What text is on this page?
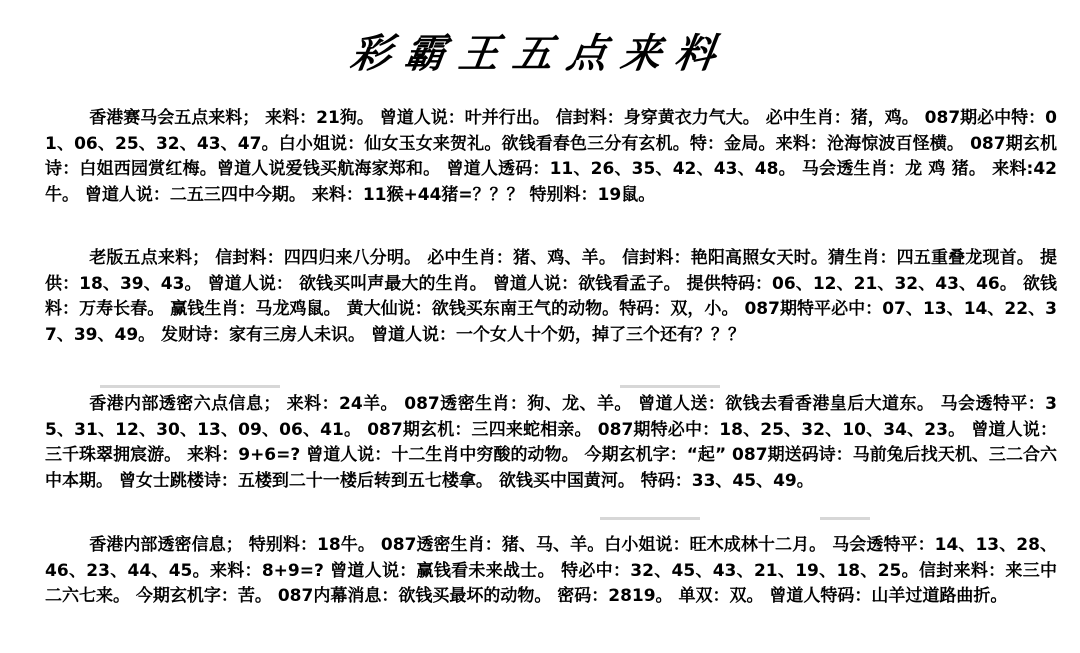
彩霸王五点来料

香港赛马会五点来料； 来料：21狗。 曾道人说：叶并行出。 信封料：身穿黄衣力气大。 必中生肖：猪，鸡。 087期必中特：01、06、25、32、43、47。白小姐说：仙女玉女来贺礼。欲钱看春色三分有玄机。特：金局。来料：沧海惊波百怪横。 087期玄机诗：白姐西园赏红梅。曾道人说爱钱买航海家郑和。 曾道人透码：11、26、35、42、43、48。 马会透生肖：龙 鸡 猪。 来料:42牛。 曾道人说：二五三四中今期。 来料：11猴+44猪=？？？ 特别料：19鼠。

老版五点来料； 信封料：四四归来八分明。 必中生肖：猪、鸡、羊。 信封料：艳阳高照女天时。猜生肖：四五重叠龙现首。 提供：18、39、43。 曾道人说： 欲钱买叫声最大的生肖。 曾道人说：欲钱看孟子。 提供特码：06、12、21、32、43、46。 欲钱料：万寿长春。 赢钱生肖：马龙鸡鼠。 黄大仙说：欲钱买东南王气的动物。特码：双，小。 087期特平必中：07、13、14、22、37、39、49。 发财诗：家有三房人未识。 曾道人说：一个女人十个奶，掉了三个还有？？？

香港内部透密六点信息； 来料：24羊。 087透密生肖：狗、龙、羊。 曾道人送：欲钱去看香港皇后大道东。 马会透特平：35、31、12、30、13、09、06、41。 087期玄机：三四来蛇相亲。 087期特必中：18、25、32、10、34、23。 曾道人说：三千珠翠拥宸游。 来料：9+6=? 曾道人说：十二生肖中穷酸的动物。 今期玄机字：“起” 087期送码诗：马前兔后找天机、三二合六中本期。 曾女士跳楼诗：五楼到二十一楼后转到五七楼拿。 欲钱买中国黄河。 特码：33、45、49。

香港内部透密信息； 特别料：18牛。 087透密生肖：猪、马、羊。白小姐说：旺木成林十二月。 马会透特平：14、13、28、46、23、44、45。来料：8+9=? 曾道人说：赢钱看未来战士。 特必中：32、45、43、21、19、18、25。信封来料：来三中二六七来。 今期玄机字：苦。 087内幕消息：欲钱买最坏的动物。 密码：2819。 单双：双。 曾道人特码：山羊过道路曲折。
